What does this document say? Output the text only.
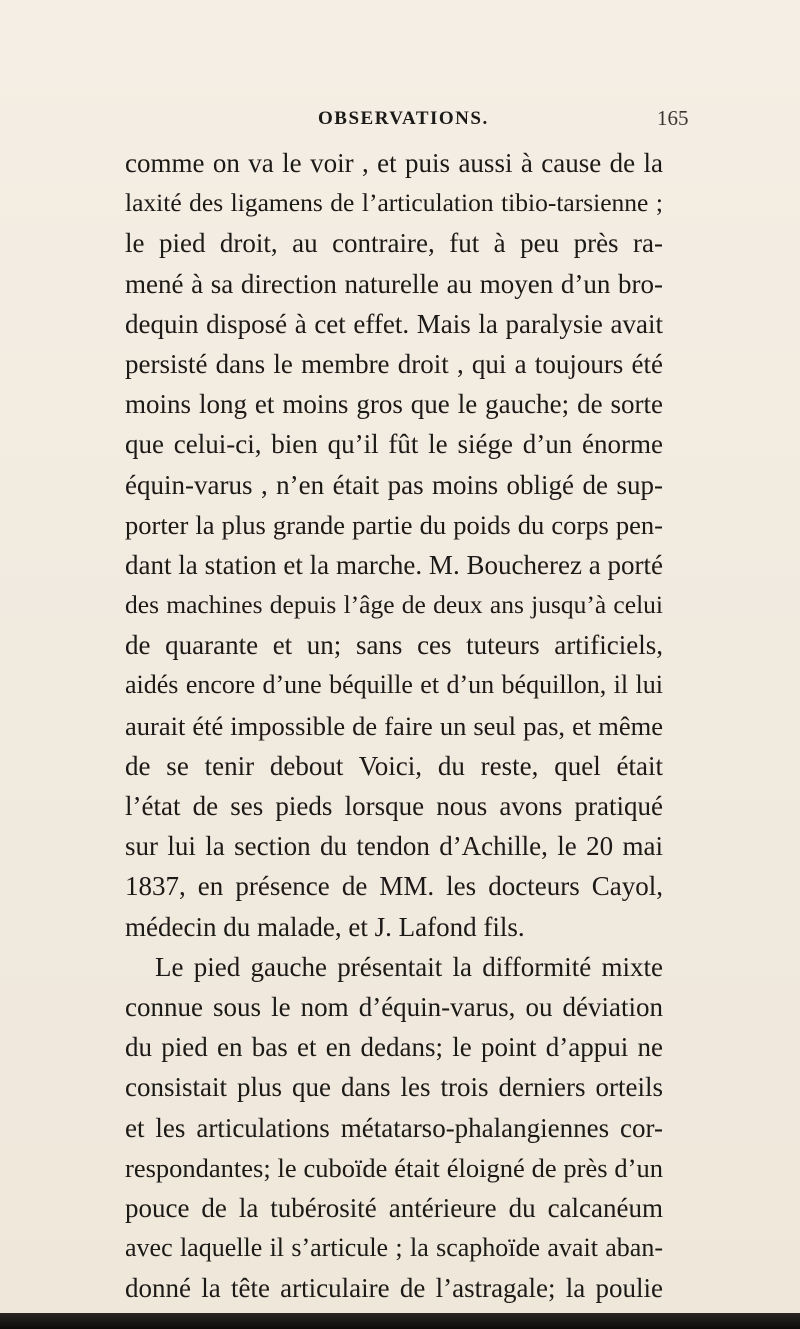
OBSERVATIONS.	165
comme on va le voir , et puis aussi à cause de la
laxité des ligamens de l’articulation tibio-tarsienne ;
le pied droit, au contraire, fut à peu près ra-
mené à sa direction naturelle au moyen d’un bro-
dequin disposé à cet effet. Mais la paralysie avait
persisté dans le membre droit , qui a toujours été
moins long et moins gros que le gauche; de sorte
que celui-ci, bien qu’il fût le siége d’un énorme
équin-varus , n’en était pas moins obligé de sup-
porter la plus grande partie du poids du corps pen-
dant la station et la marche. M. Boucherez a porté
des machines depuis l’âge de deux ans jusqu’à celui
de quarante et un; sans ces tuteurs artificiels,
aidés encore d’une béquille et d’un béquillon, il lui
aurait été impossible de faire un seul pas, et même
de se tenir debout Voici, du reste, quel était
l’état de ses pieds lorsque nous avons pratiqué
sur lui la section du tendon d’Achille, le 20 mai
1837, en présence de MM. les docteurs Cayol,
médecin du malade, et J. Lafond fils.
Le pied gauche présentait la difformité mixte
connue sous le nom d’équin-varus, ou déviation
du pied en bas et en dedans; le point d’appui ne
consistait plus que dans les trois derniers orteils
et les articulations métatarso-phalangiennes cor-
respondantes; le cuboïde était éloigné de près d’un
pouce de la tubérosité antérieure du calcanéum
avec laquelle il s’articule ; la scaphoïde avait aban-
donné la tête articulaire de l’astragale; la poulie
